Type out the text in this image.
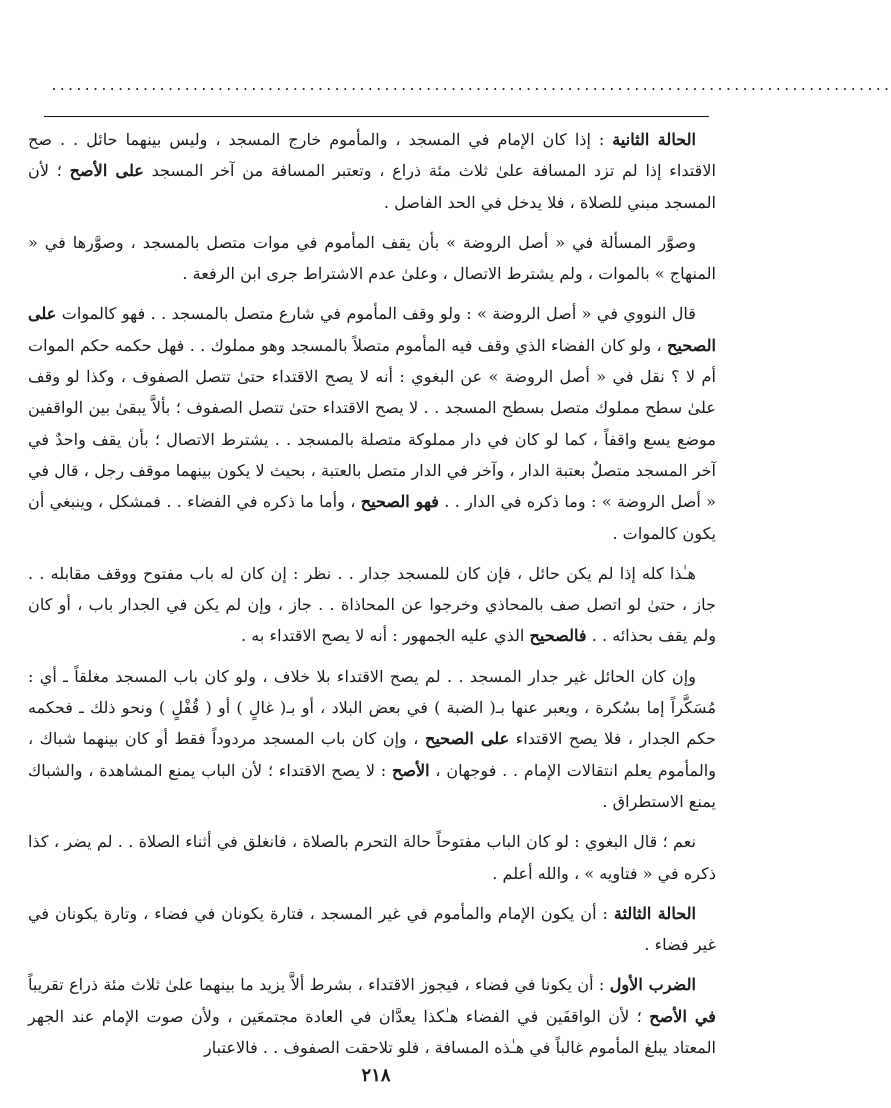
.....................................................................................................

الحالة الثانية : إذا كان الإمام في المسجد ، والمأموم خارج المسجد ، وليس بينهما حائل . . صح الاقتداء إذا لم تزد المسافة علىٰ ثلاث مئة ذراع ، وتعتبر المسافة من آخر المسجد على الأصح ؛ لأن المسجد مبني للصلاة ، فلا يدخل في الحد الفاصل .

وصوَّر المسألة في « أصل الروضة » بأن يقف المأموم في موات متصل بالمسجد ، وصوَّرها في « المنهاج » بالموات ، ولم يشترط الاتصال ، وعلىٰ عدم الاشتراط جرى ابن الرفعة .

قال النووي في « أصل الروضة » : ولو وقف المأموم في شارع متصل بالمسجد . . فهو كالموات على الصحيح ، ولو كان الفضاء الذي وقف فيه المأموم متصلاً بالمسجد وهو مملوك . . فهل حكمه حكم الموات أم لا ؟ نقل في « أصل الروضة » عن البغوي : أنه لا يصح الاقتداء حتىٰ تتصل الصفوف ، وكذا لو وقف علىٰ سطح مملوك متصل بسطح المسجد . . لا يصح الاقتداء حتىٰ تتصل الصفوف ؛ بألاَّ يبقىٰ بين الواقفين موضع يسع واقفاً ، كما لو كان في دار مملوكة متصلة بالمسجد . . يشترط الاتصال ؛ بأن يقف واحدٌ في آخر المسجد متصلٌ بعتبة الدار ، وآخر في الدار متصل بالعتبة ، بحيث لا يكون بينهما موقف رجل ، قال في « أصل الروضة » : وما ذكره في الدار . . فهو الصحيح ، وأما ما ذكره في الفضاء . . فمشكل ، وينبغي أن يكون كالموات .

هـٰذا كله إذا لم يكن حائل ، فإن كان للمسجد جدار . . نظر : إن كان له باب مفتوح ووقف مقابله . . جاز ، حتىٰ لو اتصل صف بالمحاذي وخرجوا عن المحاذاة . . جاز ، وإن لم يكن في الجدار باب ، أو كان ولم يقف بحذائه . . فالصحيح الذي عليه الجمهور : أنه لا يصح الاقتداء به .

وإن كان الحائل غير جدار المسجد . . لم يصح الاقتداء بلا خلاف ، ولو كان باب المسجد مغلقاً ـ أي : مُسَكَّراً إما بسُكرة ، ويعبر عنها بـ( الضبة ) في بعض البلاد ، أو بـ( غالٍ ) أو ( قُفْلٍ ) ونحو ذلك ـ فحكمه حكم الجدار ، فلا يصح الاقتداء على الصحيح ، وإن كان باب المسجد مردوداً فقط أو كان بينهما شباك ، والمأموم يعلم انتقالات الإمام . . فوجهان ، الأصح : لا يصح الاقتداء ؛ لأن الباب يمنع المشاهدة ، والشباك يمنع الاستطراق .

نعم ؛ قال البغوي : لو كان الباب مفتوحاً حالة التحرم بالصلاة ، فانغلق في أثناء الصلاة . . لم يضر ، كذا ذكره في « فتاويه » ، والله أعلم .

الحالة الثالثة : أن يكون الإمام والمأموم في غير المسجد ، فتارة يكونان في فضاء ، وتارة يكونان في غير فضاء .

الضرب الأول : أن يكونا في فضاء ، فيجوز الاقتداء ، بشرط ألاَّ يزيد ما بينهما علىٰ ثلاث مئة ذراع تقريباً في الأصح ؛ لأن الواقفَين في الفضاء هـٰكذا يعدَّان في العادة مجتمعَين ، ولأن صوت الإمام عند الجهر المعتاد يبلغ المأموم غالباً في هـٰذه المسافة ، فلو تلاحقت الصفوف . . فالاعتبار

٢١٨
